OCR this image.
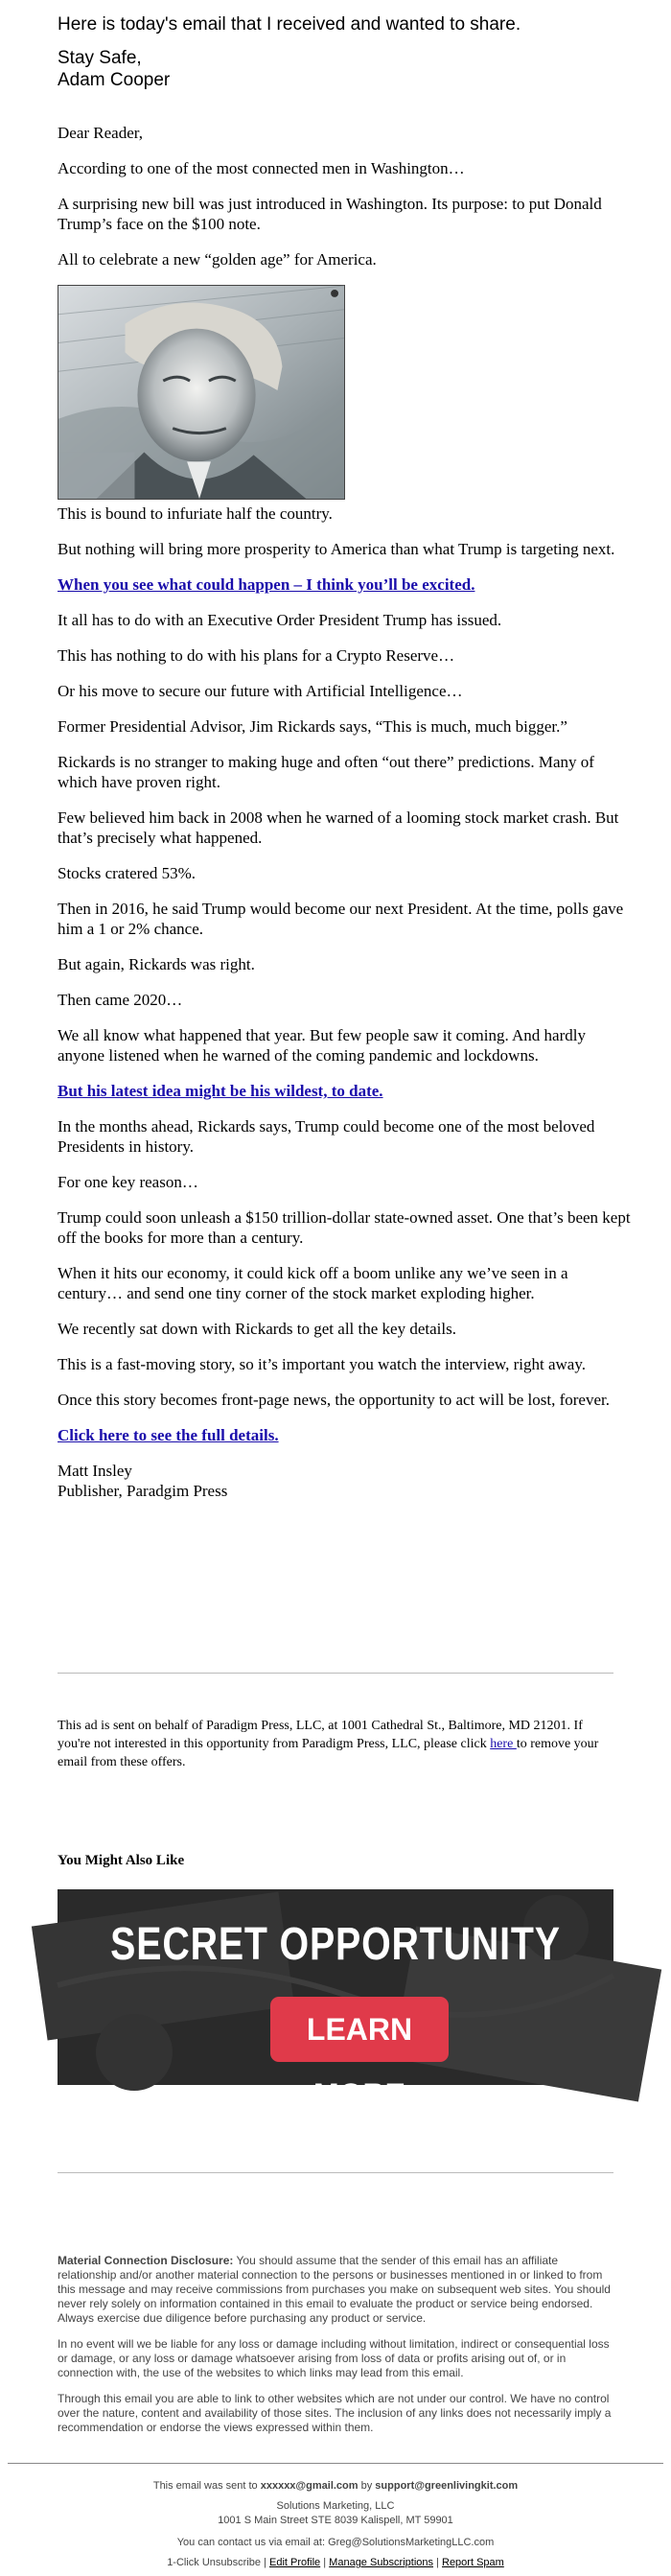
Here is today's email that I received and wanted to share.

Stay Safe,

Adam Cooper

Dear Reader,

According to one of the most connected men in Washington…

A surprising new bill was just introduced in Washington. Its purpose: to put Donald Trump’s face on the $100 note.

All to celebrate a new “golden age” for America.

This is bound to infuriate half the country.

But nothing will bring more prosperity to America than what Trump is targeting next.

When you see what could happen – I think you’ll be excited.

It all has to do with an Executive Order President Trump has issued.

This has nothing to do with his plans for a Crypto Reserve…

Or his move to secure our future with Artificial Intelligence…

Former Presidential Advisor, Jim Rickards says, “This is much, much bigger.”

Rickards is no stranger to making huge and often “out there” predictions. Many of which have proven right.

Few believed him back in 2008 when he warned of a looming stock market crash. But that’s precisely what happened.

Stocks cratered 53%.

Then in 2016, he said Trump would become our next President. At the time, polls gave him a 1 or 2% chance.

But again, Rickards was right.

Then came 2020…

We all know what happened that year. But few people saw it coming. And hardly anyone listened when he warned of the coming pandemic and lockdowns.

But his latest idea might be his wildest, to date.

In the months ahead, Rickards says, Trump could become one of the most beloved Presidents in history.

For one key reason…

Trump could soon unleash a $150 trillion-dollar state-owned asset. One that’s been kept off the books for more than a century.

When it hits our economy, it could kick off a boom unlike any we’ve seen in a century… and send one tiny corner of the stock market exploding higher.

We recently sat down with Rickards to get all the key details.

This is a fast-moving story, so it’s important you watch the interview, right away.

Once this story becomes front-page news, the opportunity to act will be lost, forever.

Click here to see the full details.

Matt Insley

Publisher, Paradgim Press

This ad is sent on behalf of Paradigm Press, LLC, at 1001 Cathedral St., Baltimore, MD 21201. If you're not interested in this opportunity from Paradigm Press, LLC, please click here to remove your email from these offers.
You Might Also Like
SECRET OPPORTUNITY
LEARN MORE

Material Connection Disclosure: You should assume that the sender of this email has an affiliate relationship and/or another material connection to the persons or businesses mentioned in or linked to from this message and may receive commissions from purchases you make on subsequent web sites. You should never rely solely on information contained in this email to evaluate the product or service being endorsed. Always exercise due diligence before purchasing any product or service.

In no event will we be liable for any loss or damage including without limitation, indirect or consequential loss or damage, or any loss or damage whatsoever arising from loss of data or profits arising out of, or in connection with, the use of the websites to which links may lead from this email.

Through this email you are able to link to other websites which are not under our control. We have no control over the nature, content and availability of those sites. The inclusion of any links does not necessarily imply a recommendation or endorse the views expressed within them.

This email was sent to xxxxxx@gmail.com by support@greenlivingkit.com

Solutions Marketing, LLC
1001 S Main Street STE 8039 Kalispell, MT 59901

You can contact us via email at: Greg@SolutionsMarketingLLC.com

1-Click Unsubscribe | Edit Profile | Manage Subscriptions | Report Spam
